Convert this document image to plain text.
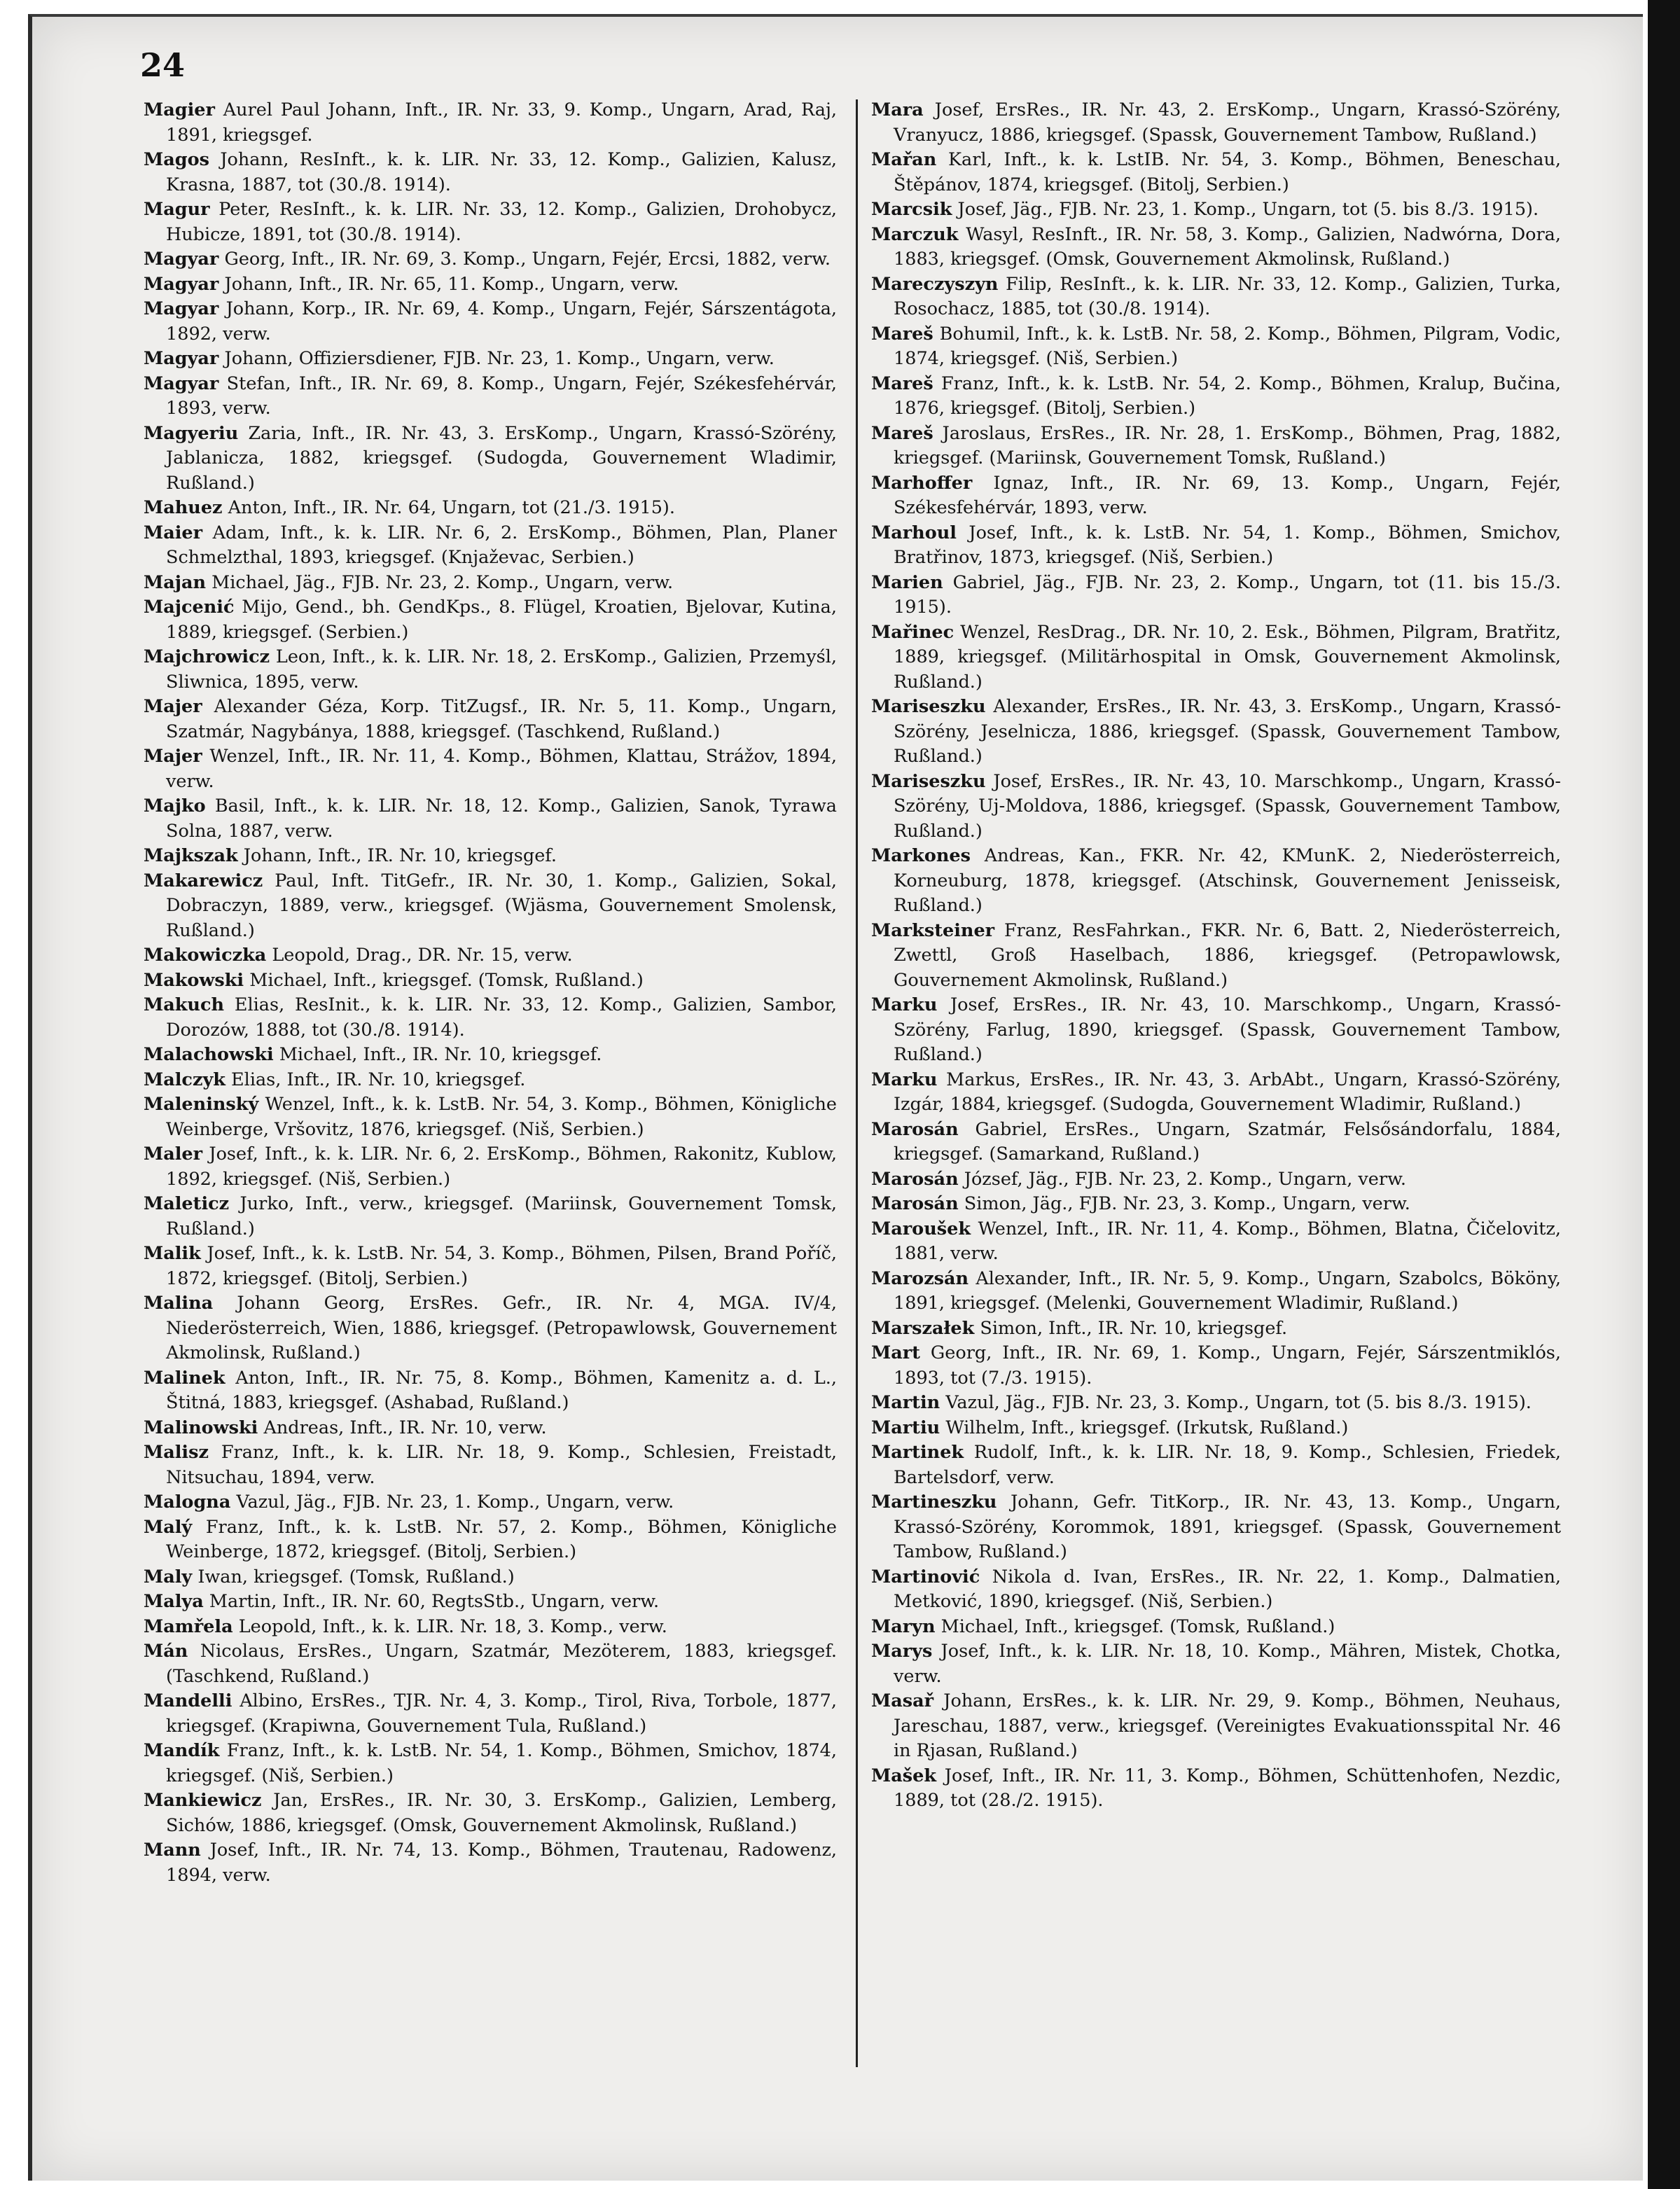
24
Magier Aurel Paul Johann, Inft., IR. Nr. 33, 9. Komp., Ungarn, Arad, Raj, 1891, kriegsgef.
Magos Johann, ResInft., k. k. LIR. Nr. 33, 12. Komp., Galizien, Kalusz, Krasna, 1887, tot (30./8. 1914).
Magur Peter, ResInft., k. k. LIR. Nr. 33, 12. Komp., Galizien, Drohobycz, Hubicze, 1891, tot (30./8. 1914).
Magyar Georg, Inft., IR. Nr. 69, 3. Komp., Ungarn, Fejér, Ercsi, 1882, verw.
Magyar Johann, Inft., IR. Nr. 65, 11. Komp., Ungarn, verw.
Magyar Johann, Korp., IR. Nr. 69, 4. Komp., Ungarn, Fejér, Sárszentágota, 1892, verw.
Magyar Johann, Offiziersdiener, FJB. Nr. 23, 1. Komp., Ungarn, verw.
Magyar Stefan, Inft., IR. Nr. 69, 8. Komp., Ungarn, Fejér, Székesfehérvár, 1893, verw.
Magyeriu Zaria, Inft., IR. Nr. 43, 3. ErsKomp., Ungarn, Krassó-Szörény, Jablanicza, 1882, kriegsgef. (Sudogda, Gouvernement Wladimir, Rußland.)
Mahuez Anton, Inft., IR. Nr. 64, Ungarn, tot (21./3. 1915).
Maier Adam, Inft., k. k. LIR. Nr. 6, 2. ErsKomp., Böhmen, Plan, Planer Schmelzthal, 1893, kriegsgef. (Knjaževac, Serbien.)
Majan Michael, Jäg., FJB. Nr. 23, 2. Komp., Ungarn, verw.
Majcenić Mijo, Gend., bh. GendKps., 8. Flügel, Kroatien, Bjelovar, Kutina, 1889, kriegsgef. (Serbien.)
Majchrowicz Leon, Inft., k. k. LIR. Nr. 18, 2. ErsKomp., Galizien, Przemyśl, Sliwnica, 1895, verw.
Majer Alexander Géza, Korp. TitZugsf., IR. Nr. 5, 11. Komp., Ungarn, Szatmár, Nagybánya, 1888, kriegsgef. (Taschkend, Rußland.)
Majer Wenzel, Inft., IR. Nr. 11, 4. Komp., Böhmen, Klattau, Strážov, 1894, verw.
Majko Basil, Inft., k. k. LIR. Nr. 18, 12. Komp., Galizien, Sanok, Tyrawa Solna, 1887, verw.
Majkszak Johann, Inft., IR. Nr. 10, kriegsgef.
Makarewicz Paul, Inft. TitGefr., IR. Nr. 30, 1. Komp., Galizien, Sokal, Dobraczyn, 1889, verw., kriegsgef. (Wjäsma, Gouvernement Smolensk, Rußland.)
Makowiczka Leopold, Drag., DR. Nr. 15, verw.
Makowski Michael, Inft., kriegsgef. (Tomsk, Rußland.)
Makuch Elias, ResInit., k. k. LIR. Nr. 33, 12. Komp., Galizien, Sambor, Dorozów, 1888, tot (30./8. 1914).
Malachowski Michael, Inft., IR. Nr. 10, kriegsgef.
Malczyk Elias, Inft., IR. Nr. 10, kriegsgef.
Maleninský Wenzel, Inft., k. k. LstB. Nr. 54, 3. Komp., Böhmen, Königliche Weinberge, Vršovitz, 1876, kriegsgef. (Niš, Serbien.)
Maler Josef, Inft., k. k. LIR. Nr. 6, 2. ErsKomp., Böhmen, Rakonitz, Kublow, 1892, kriegsgef. (Niš, Serbien.)
Maleticz Jurko, Inft., verw., kriegsgef. (Mariinsk, Gouvernement Tomsk, Rußland.)
Malik Josef, Inft., k. k. LstB. Nr. 54, 3. Komp., Böhmen, Pilsen, Brand Poříč, 1872, kriegsgef. (Bitolj, Serbien.)
Malina Johann Georg, ErsRes. Gefr., IR. Nr. 4, MGA. IV/4, Niederösterreich, Wien, 1886, kriegsgef. (Petropawlowsk, Gouvernement Akmolinsk, Rußland.)
Malinek Anton, Inft., IR. Nr. 75, 8. Komp., Böhmen, Kamenitz a. d. L., Štitná, 1883, kriegsgef. (Ashabad, Rußland.)
Malinowski Andreas, Inft., IR. Nr. 10, verw.
Malisz Franz, Inft., k. k. LIR. Nr. 18, 9. Komp., Schlesien, Freistadt, Nitsuchau, 1894, verw.
Malogna Vazul, Jäg., FJB. Nr. 23, 1. Komp., Ungarn, verw.
Malý Franz, Inft., k. k. LstB. Nr. 57, 2. Komp., Böhmen, Königliche Weinberge, 1872, kriegsgef. (Bitolj, Serbien.)
Maly Iwan, kriegsgef. (Tomsk, Rußland.)
Malya Martin, Inft., IR. Nr. 60, RegtsStb., Ungarn, verw.
Mamřela Leopold, Inft., k. k. LIR. Nr. 18, 3. Komp., verw.
Mán Nicolaus, ErsRes., Ungarn, Szatmár, Mezöterem, 1883, kriegsgef. (Taschkend, Rußland.)
Mandelli Albino, ErsRes., TJR. Nr. 4, 3. Komp., Tirol, Riva, Torbole, 1877, kriegsgef. (Krapiwna, Gouvernement Tula, Rußland.)
Mandík Franz, Inft., k. k. LstB. Nr. 54, 1. Komp., Böhmen, Smichov, 1874, kriegsgef. (Niš, Serbien.)
Mankiewicz Jan, ErsRes., IR. Nr. 30, 3. ErsKomp., Galizien, Lemberg, Sichów, 1886, kriegsgef. (Omsk, Gouvernement Akmolinsk, Rußland.)
Mann Josef, Inft., IR. Nr. 74, 13. Komp., Böhmen, Trautenau, Radowenz, 1894, verw.
Mara Josef, ErsRes., IR. Nr. 43, 2. ErsKomp., Ungarn, Krassó-Szörény, Vranyucz, 1886, kriegsgef. (Spassk, Gouvernement Tambow, Rußland.)
Mařan Karl, Inft., k. k. LstIB. Nr. 54, 3. Komp., Böhmen, Beneschau, Štěpánov, 1874, kriegsgef. (Bitolj, Serbien.)
Marcsik Josef, Jäg., FJB. Nr. 23, 1. Komp., Ungarn, tot (5. bis 8./3. 1915).
Marczuk Wasyl, ResInft., IR. Nr. 58, 3. Komp., Galizien, Nadwórna, Dora, 1883, kriegsgef. (Omsk, Gouvernement Akmolinsk, Rußland.)
Mareczyszyn Filip, ResInft., k. k. LIR. Nr. 33, 12. Komp., Galizien, Turka, Rosochacz, 1885, tot (30./8. 1914).
Mareš Bohumil, Inft., k. k. LstB. Nr. 58, 2. Komp., Böhmen, Pilgram, Vodic, 1874, kriegsgef. (Niš, Serbien.)
Mareš Franz, Inft., k. k. LstB. Nr. 54, 2. Komp., Böhmen, Kralup, Bučina, 1876, kriegsgef. (Bitolj, Serbien.)
Mareš Jaroslaus, ErsRes., IR. Nr. 28, 1. ErsKomp., Böhmen, Prag, 1882, kriegsgef. (Mariinsk, Gouvernement Tomsk, Rußland.)
Marhoffer Ignaz, Inft., IR. Nr. 69, 13. Komp., Ungarn, Fejér, Székesfehérvár, 1893, verw.
Marhoul Josef, Inft., k. k. LstB. Nr. 54, 1. Komp., Böhmen, Smichov, Bratřinov, 1873, kriegsgef. (Niš, Serbien.)
Marien Gabriel, Jäg., FJB. Nr. 23, 2. Komp., Ungarn, tot (11. bis 15./3. 1915).
Mařinec Wenzel, ResDrag., DR. Nr. 10, 2. Esk., Böhmen, Pilgram, Bratřitz, 1889, kriegsgef. (Militärhospital in Omsk, Gouvernement Akmolinsk, Rußland.)
Mariseszku Alexander, ErsRes., IR. Nr. 43, 3. ErsKomp., Ungarn, Krassó-Szörény, Jeselnicza, 1886, kriegsgef. (Spassk, Gouvernement Tambow, Rußland.)
Mariseszku Josef, ErsRes., IR. Nr. 43, 10. Marschkomp., Ungarn, Krassó-Szörény, Uj-Moldova, 1886, kriegsgef. (Spassk, Gouvernement Tambow, Rußland.)
Markones Andreas, Kan., FKR. Nr. 42, KMunK. 2, Niederösterreich, Korneuburg, 1878, kriegsgef. (Atschinsk, Gouvernement Jenisseisk, Rußland.)
Marksteiner Franz, ResFahrkan., FKR. Nr. 6, Batt. 2, Niederösterreich, Zwettl, Groß Haselbach, 1886, kriegsgef. (Petropawlowsk, Gouvernement Akmolinsk, Rußland.)
Marku Josef, ErsRes., IR. Nr. 43, 10. Marschkomp., Ungarn, Krassó-Szörény, Farlug, 1890, kriegsgef. (Spassk, Gouvernement Tambow, Rußland.)
Marku Markus, ErsRes., IR. Nr. 43, 3. ArbAbt., Ungarn, Krassó-Szörény, Izgár, 1884, kriegsgef. (Sudogda, Gouvernement Wladimir, Rußland.)
Marosán Gabriel, ErsRes., Ungarn, Szatmár, Felsősándorfalu, 1884, kriegsgef. (Samarkand, Rußland.)
Marosán József, Jäg., FJB. Nr. 23, 2. Komp., Ungarn, verw.
Marosán Simon, Jäg., FJB. Nr. 23, 3. Komp., Ungarn, verw.
Maroušek Wenzel, Inft., IR. Nr. 11, 4. Komp., Böhmen, Blatna, Čičelovitz, 1881, verw.
Marozsán Alexander, Inft., IR. Nr. 5, 9. Komp., Ungarn, Szabolcs, Bököny, 1891, kriegsgef. (Melenki, Gouvernement Wladimir, Rußland.)
Marszałek Simon, Inft., IR. Nr. 10, kriegsgef.
Mart Georg, Inft., IR. Nr. 69, 1. Komp., Ungarn, Fejér, Sárszentmiklós, 1893, tot (7./3. 1915).
Martin Vazul, Jäg., FJB. Nr. 23, 3. Komp., Ungarn, tot (5. bis 8./3. 1915).
Martiu Wilhelm, Inft., kriegsgef. (Irkutsk, Rußland.)
Martinek Rudolf, Inft., k. k. LIR. Nr. 18, 9. Komp., Schlesien, Friedek, Bartelsdorf, verw.
Martineszku Johann, Gefr. TitKorp., IR. Nr. 43, 13. Komp., Ungarn, Krassó-Szörény, Korommok, 1891, kriegsgef. (Spassk, Gouvernement Tambow, Rußland.)
Martinović Nikola d. Ivan, ErsRes., IR. Nr. 22, 1. Komp., Dalmatien, Metković, 1890, kriegsgef. (Niš, Serbien.)
Maryn Michael, Inft., kriegsgef. (Tomsk, Rußland.)
Marys Josef, Inft., k. k. LIR. Nr. 18, 10. Komp., Mähren, Mistek, Chotka, verw.
Masař Johann, ErsRes., k. k. LIR. Nr. 29, 9. Komp., Böhmen, Neuhaus, Jareschau, 1887, verw., kriegsgef. (Vereinigtes Evakuationsspital Nr. 46 in Rjasan, Rußland.)
Mašek Josef, Inft., IR. Nr. 11, 3. Komp., Böhmen, Schüttenhofen, Nezdic, 1889, tot (28./2. 1915).
